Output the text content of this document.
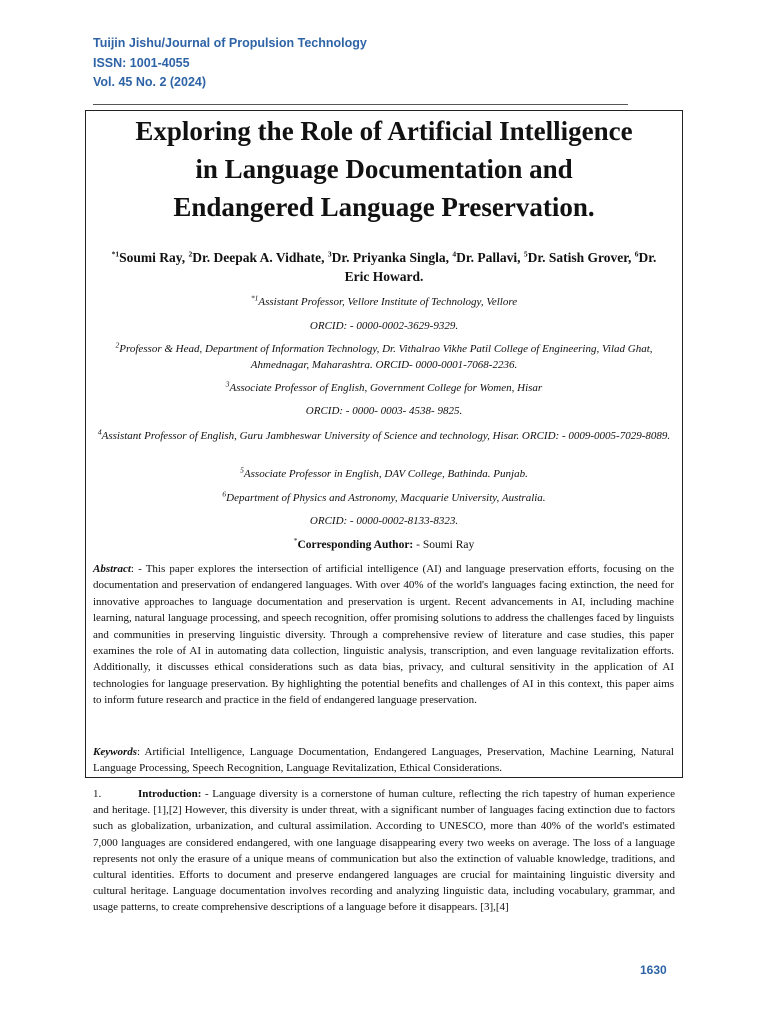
Tuijin Jishu/Journal of Propulsion Technology
ISSN: 1001-4055
Vol. 45 No. 2 (2024)
Exploring the Role of Artificial Intelligence
in Language Documentation and
Endangered Language Preservation.
$^{*1}$Soumi Ray, $^2$Dr. Deepak A. Vidhate, $^3$Dr. Priyanka Singla, $^4$Dr. Pallavi, $^5$Dr. Satish Grover, $^6$Dr. Eric Howard.
$^{*1}$Assistant Professor, Vellore Institute of Technology, Vellore
ORCID: - 0000-0002-3629-9329.
$^2$Professor & Head, Department of Information Technology, Dr. Vithalrao Vikhe Patil College of Engineering, Vilad Ghat, Ahmednagar, Maharashtra. ORCID- 0000-0001-7068-2236.
$^3$Associate Professor of English, Government College for Women, Hisar
ORCID: - 0000- 0003- 4538- 9825.
$^4$Assistant Professor of English, Guru Jambheswar University of Science and technology, Hisar. ORCID: - 0009-0005-7029-8089.
$^5$Associate Professor in English, DAV College, Bathinda. Punjab.
$^6$Department of Physics and Astronomy, Macquarie University, Australia.
ORCID: - 0000-0002-8133-8323.
*Corresponding Author: - Soumi Ray
Abstract: - This paper explores the intersection of artificial intelligence (AI) and language preservation efforts, focusing on the documentation and preservation of endangered languages. With over 40% of the world's languages facing extinction, the need for innovative approaches to language documentation and preservation is urgent. Recent advancements in AI, including machine learning, natural language processing, and speech recognition, offer promising solutions to address the challenges faced by linguists and communities in preserving linguistic diversity. Through a comprehensive review of literature and case studies, this paper examines the role of AI in automating data collection, linguistic analysis, transcription, and even language revitalization efforts. Additionally, it discusses ethical considerations such as data bias, privacy, and cultural sensitivity in the application of AI technologies for language preservation. By highlighting the potential benefits and challenges of AI in this context, this paper aims to inform future research and practice in the field of endangered language preservation.
Keywords: Artificial Intelligence, Language Documentation, Endangered Languages, Preservation, Machine Learning, Natural Language Processing, Speech Recognition, Language Revitalization, Ethical Considerations.
1.	Introduction: - Language diversity is a cornerstone of human culture, reflecting the rich tapestry of human experience and heritage. [1],[2] However, this diversity is under threat, with a significant number of languages facing extinction due to factors such as globalization, urbanization, and cultural assimilation. According to UNESCO, more than 40% of the world's estimated 7,000 languages are considered endangered, with one language disappearing every two weeks on average. The loss of a language represents not only the erasure of a unique means of communication but also the extinction of valuable knowledge, traditions, and cultural identities. Efforts to document and preserve endangered languages are crucial for maintaining linguistic diversity and cultural heritage. Language documentation involves recording and analyzing linguistic data, including vocabulary, grammar, and usage patterns, to create comprehensive descriptions of a language before it disappears. [3],[4]
1630
